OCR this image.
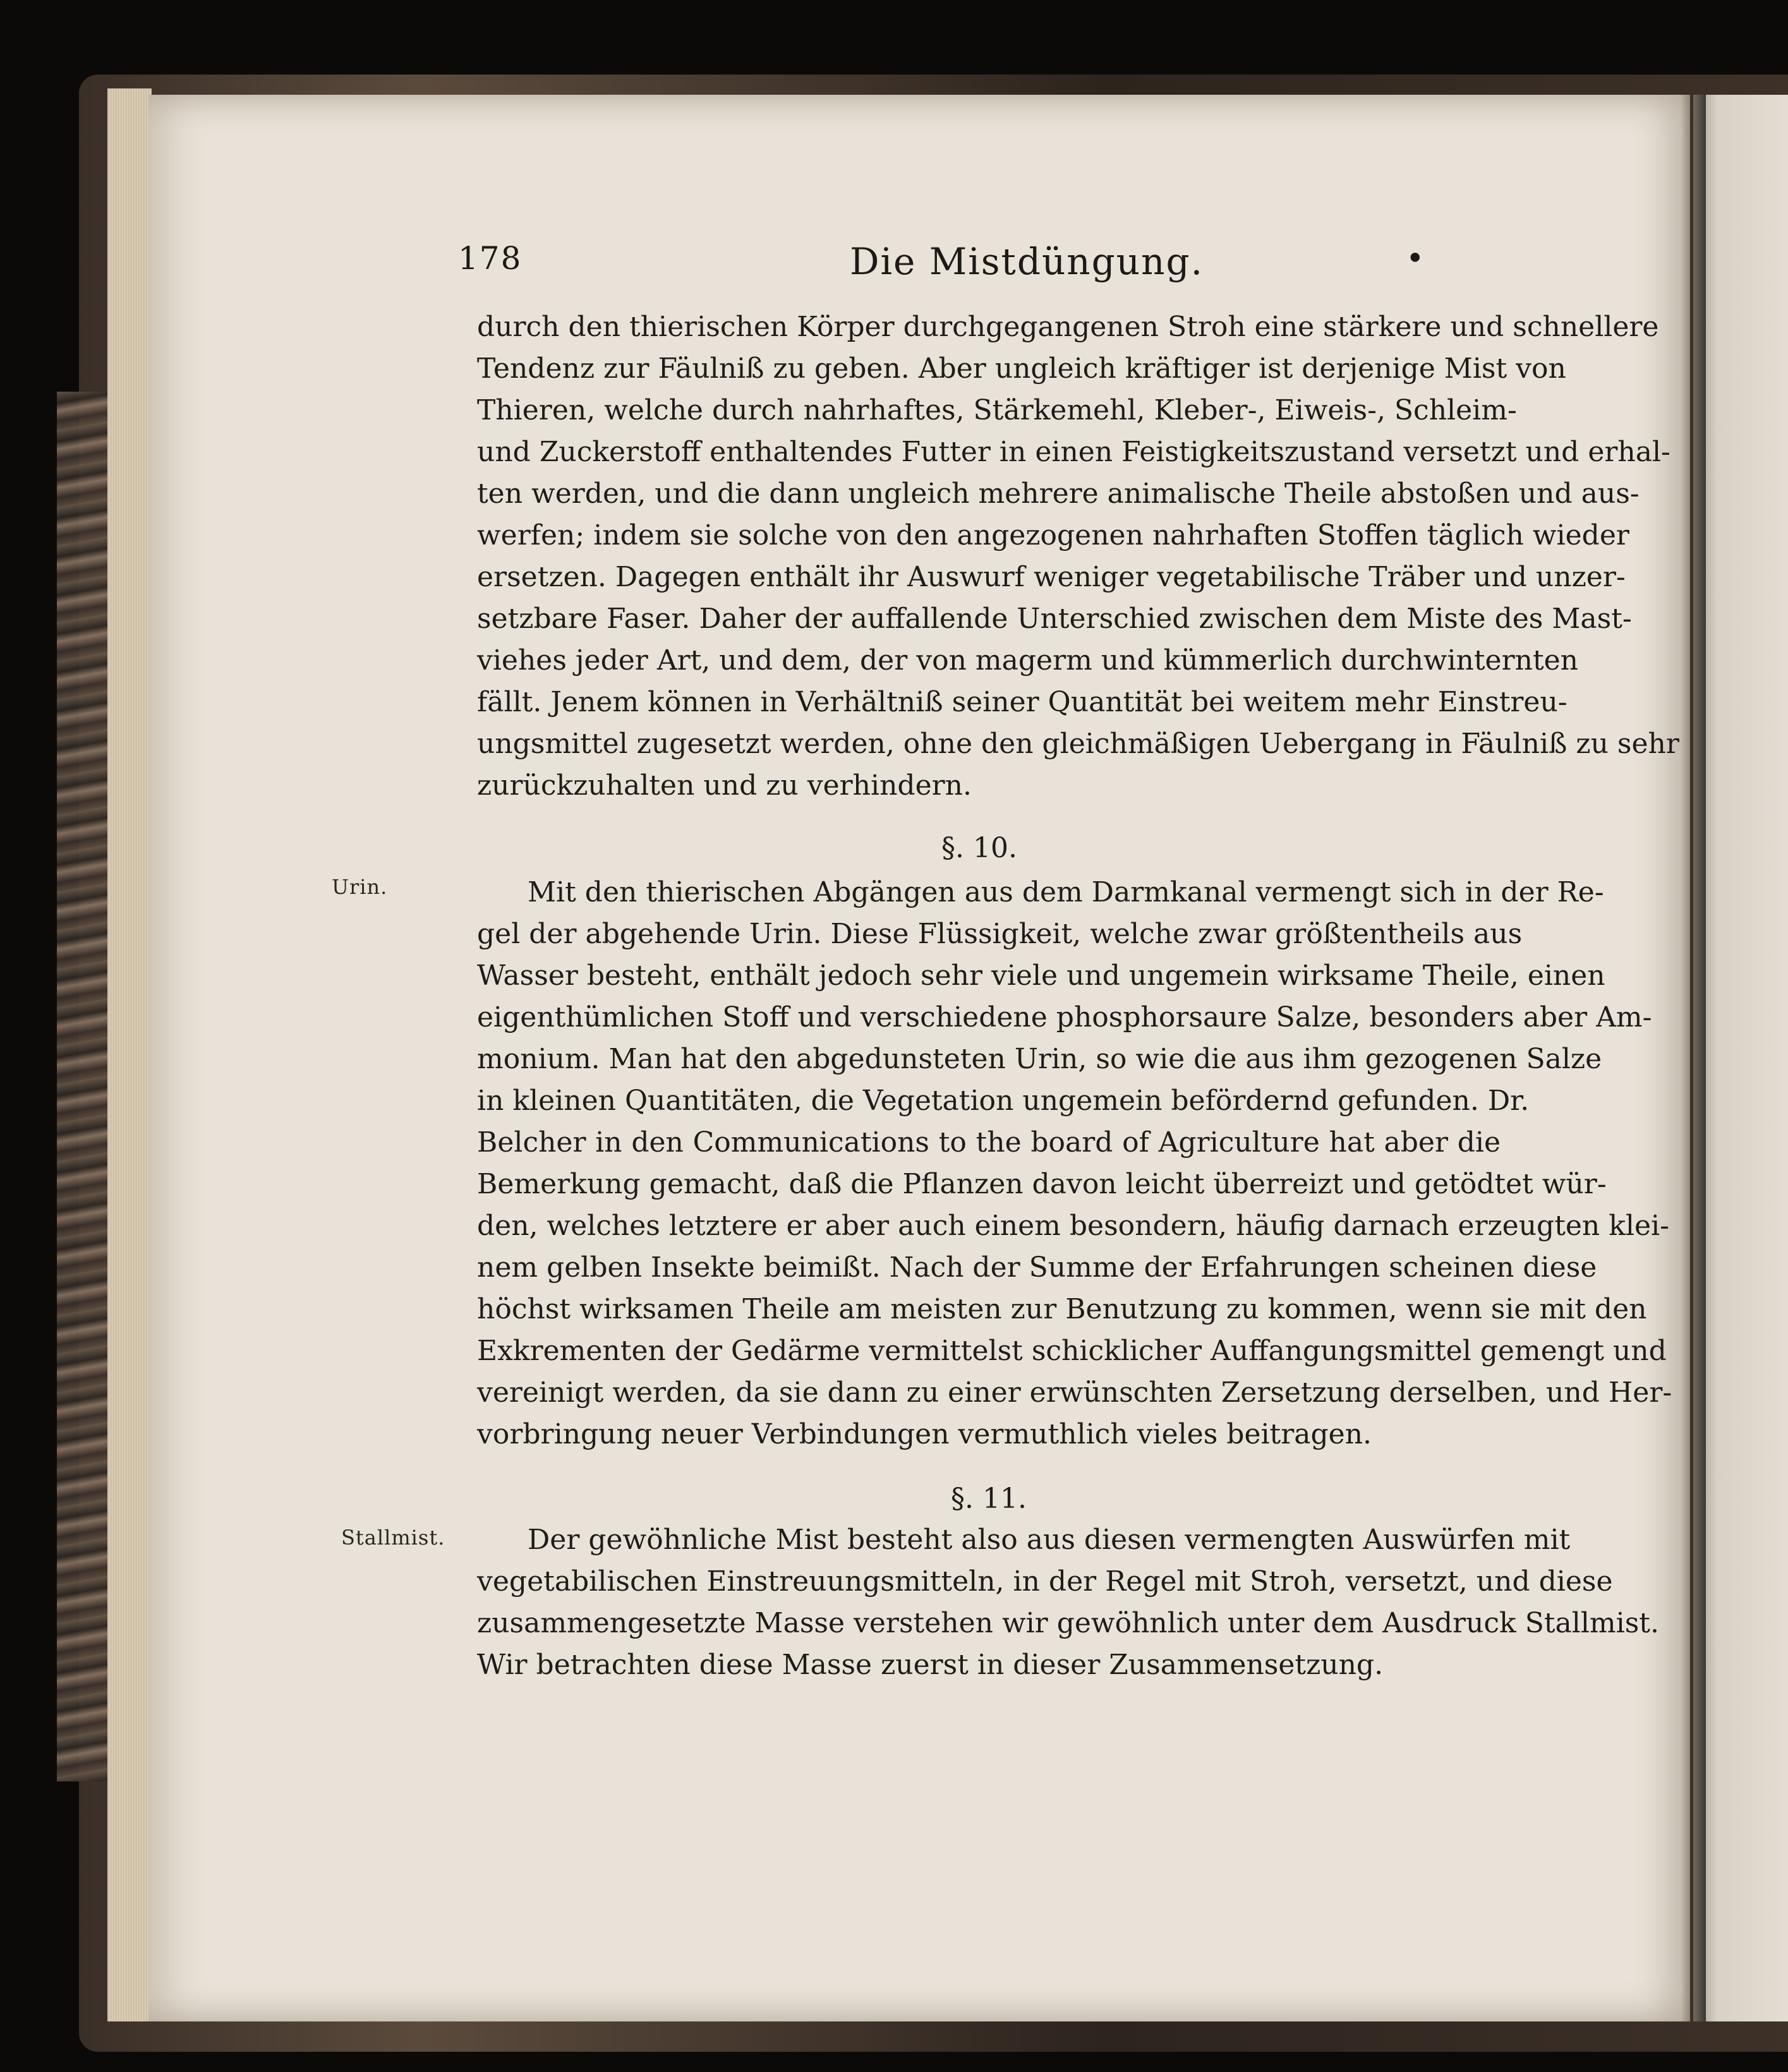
178	Die Mistdüngung.	•
durch den thierischen Körper durchgegangenen Stroh eine stärkere und schnellere
Tendenz zur Fäulniß zu geben. Aber ungleich kräftiger ist derjenige Mist von
Thieren, welche durch nahrhaftes, Stärkemehl, Kleber-, Eiweis-, Schleim-
und Zuckerstoff enthaltendes Futter in einen Feistigkeitszustand versetzt und erhal-
ten werden, und die dann ungleich mehrere animalische Theile abstoßen und aus-
werfen; indem sie solche von den angezogenen nahrhaften Stoffen täglich wieder
ersetzen. Dagegen enthält ihr Auswurf weniger vegetabilische Träber und unzer-
setzbare Faser. Daher der auffallende Unterschied zwischen dem Miste des Mast-
viehes jeder Art, und dem, der von magerm und kümmerlich durchwinternten
fällt. Jenem können in Verhältniß seiner Quantität bei weitem mehr Einstreu-
ungsmittel zugesetzt werden, ohne den gleichmäßigen Uebergang in Fäulniß zu sehr
zurückzuhalten und zu verhindern.
§. 10.
Urin.	Mit den thierischen Abgängen aus dem Darmkanal vermengt sich in der Re-
gel der abgehende Urin. Diese Flüssigkeit, welche zwar größtentheils aus
Wasser besteht, enthält jedoch sehr viele und ungemein wirksame Theile, einen
eigenthümlichen Stoff und verschiedene phosphorsaure Salze, besonders aber Am-
monium. Man hat den abgedunsteten Urin, so wie die aus ihm gezogenen Salze
in kleinen Quantitäten, die Vegetation ungemein befördernd gefunden. Dr.
Belcher in den Communications to the board of Agriculture hat aber die
Bemerkung gemacht, daß die Pflanzen davon leicht überreizt und getödtet wür-
den, welches letztere er aber auch einem besondern, häufig darnach erzeugten klei-
nem gelben Insekte beimißt. Nach der Summe der Erfahrungen scheinen diese
höchst wirksamen Theile am meisten zur Benutzung zu kommen, wenn sie mit den
Exkrementen der Gedärme vermittelst schicklicher Auffangungsmittel gemengt und
vereinigt werden, da sie dann zu einer erwünschten Zersetzung derselben, und Her-
vorbringung neuer Verbindungen vermuthlich vieles beitragen.
§. 11.
Stallmist.	Der gewöhnliche Mist besteht also aus diesen vermengten Auswürfen mit
vegetabilischen Einstreuungsmitteln, in der Regel mit Stroh, versetzt, und diese
zusammengesetzte Masse verstehen wir gewöhnlich unter dem Ausdruck Stallmist.
Wir betrachten diese Masse zuerst in dieser Zusammensetzung.
